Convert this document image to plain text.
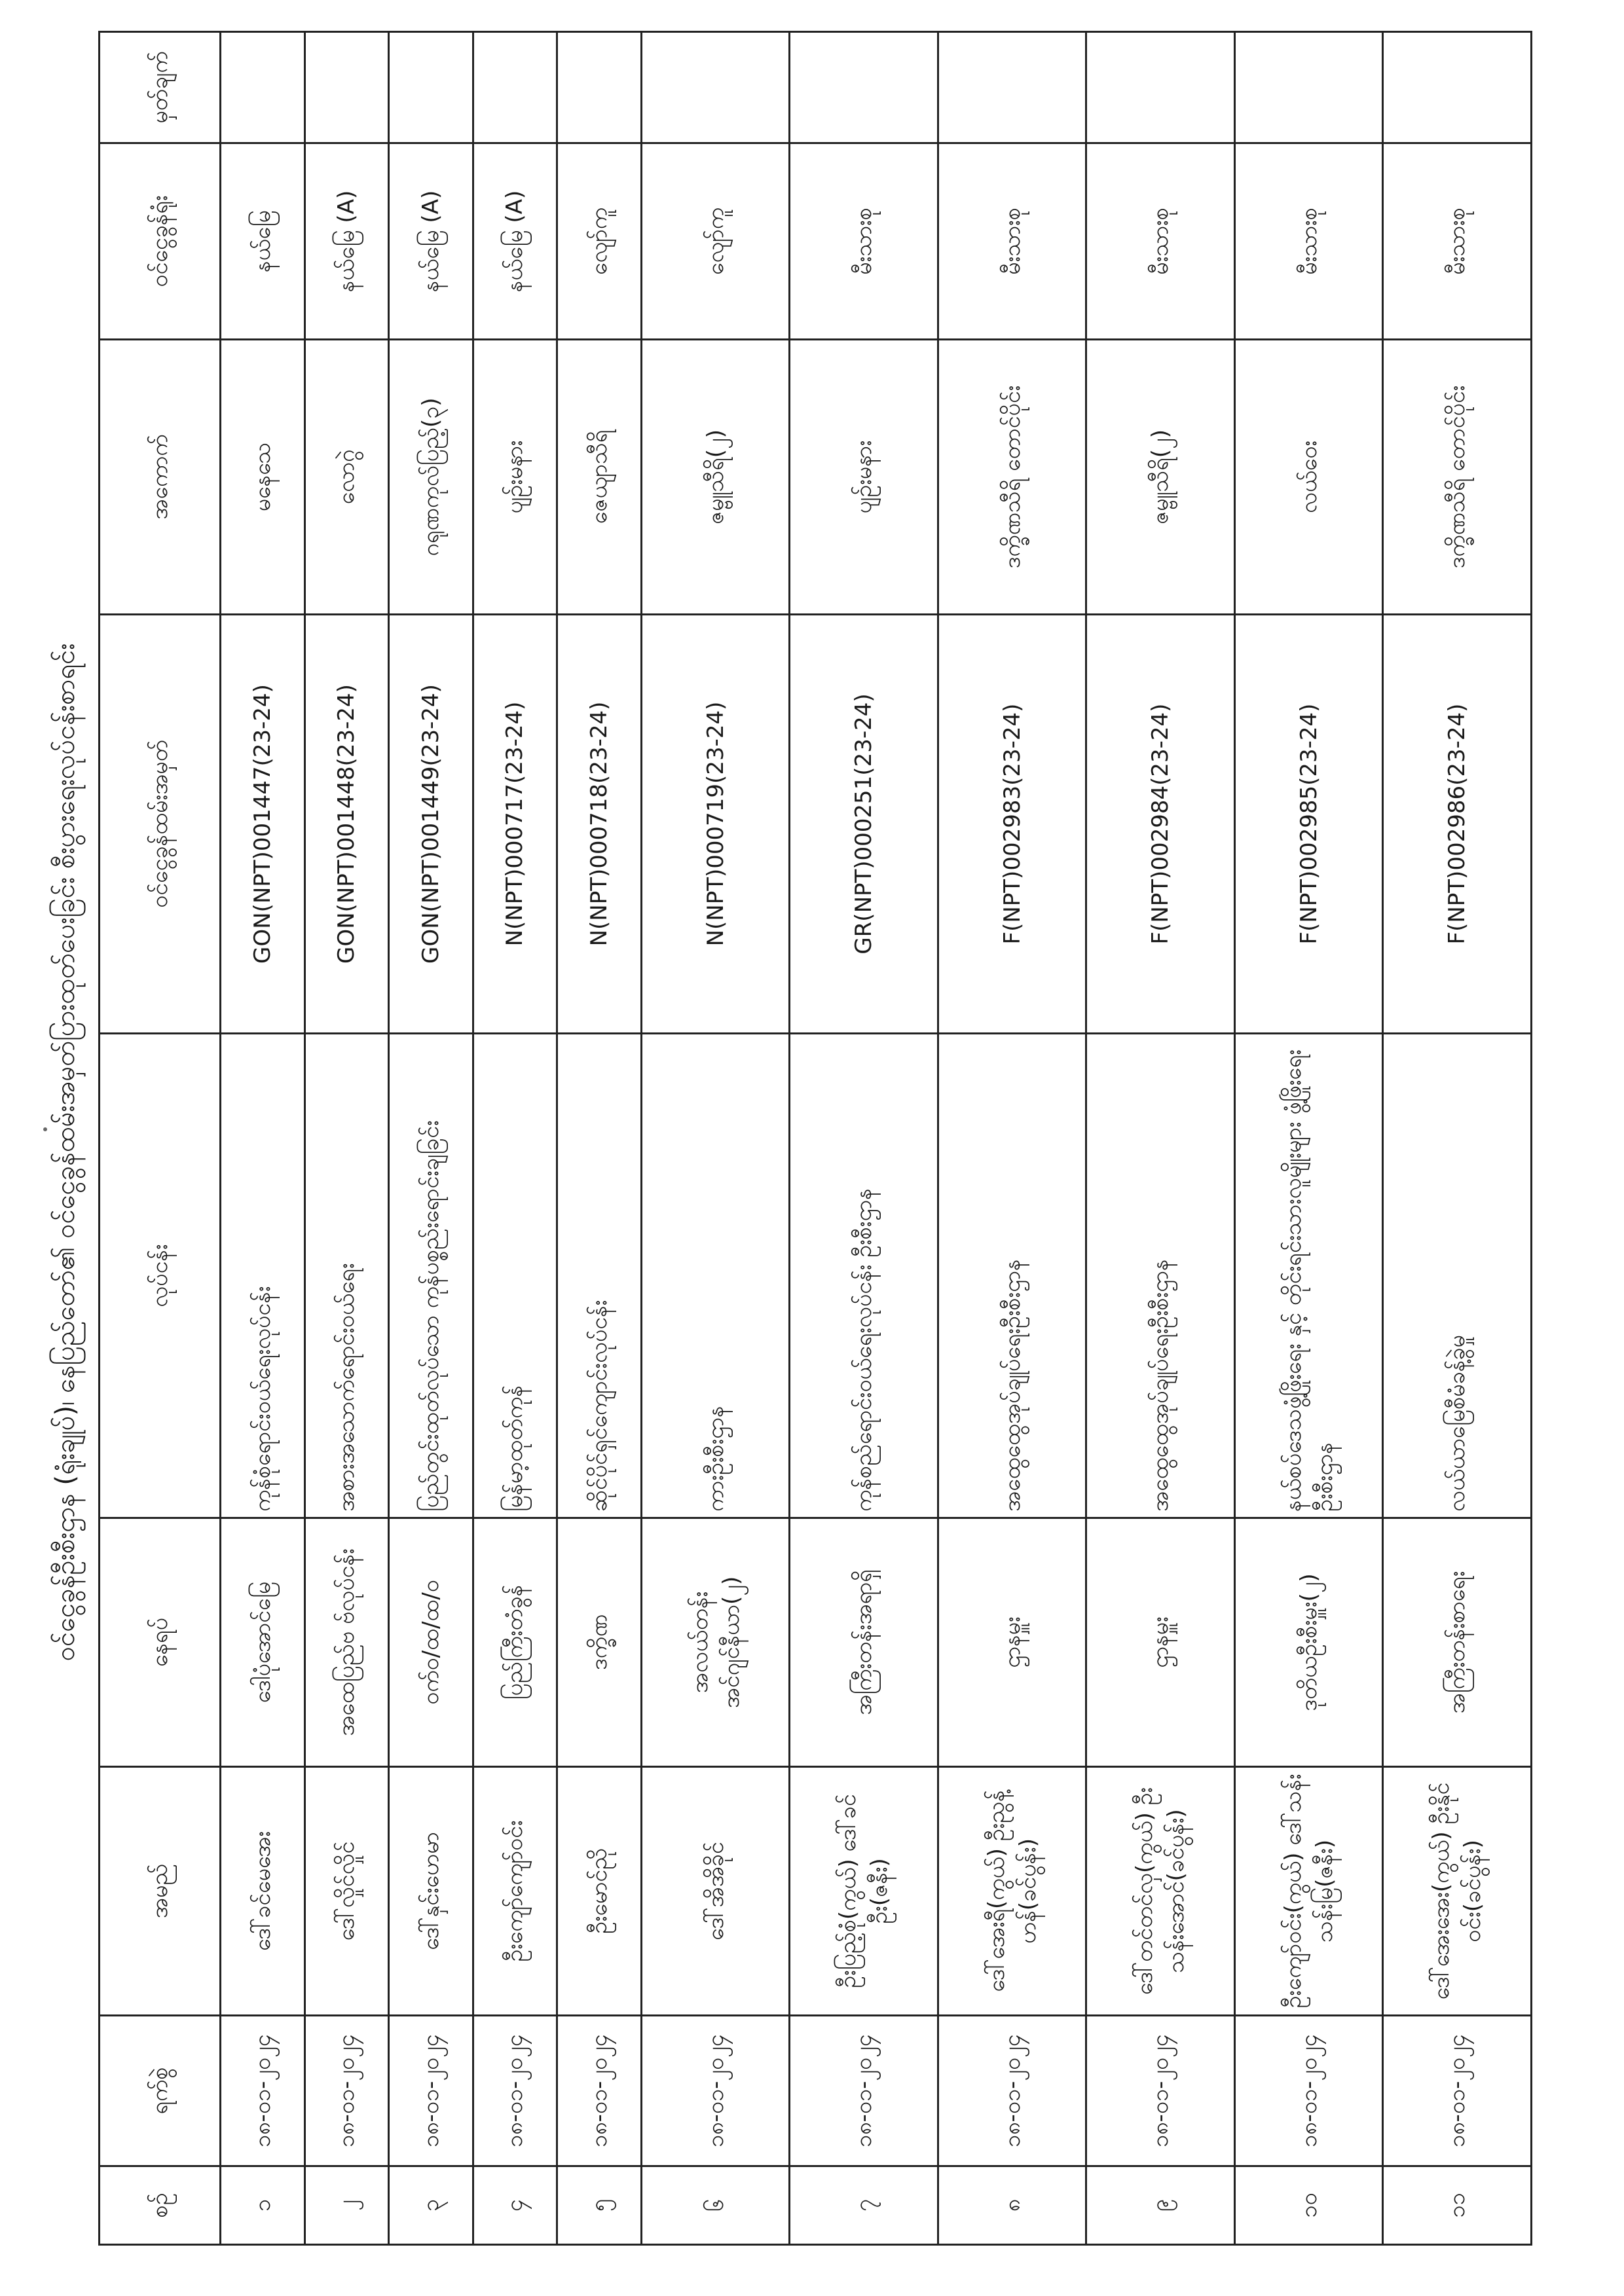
ဝင်ငွေခွန်ဦးစီးဌာန (ရုံးချုပ်)၊ နေပြည်တော်၏ ဝင်ငွေခွန်ထမ်းအမှတ်ပြားထုတ်ပေးခြင်း စီးပွားရေးလုပ်ငန်းစာရင်း
စဉ်	ရက်စွဲ	အမည်	နေရပ်	လုပ်ငန်း	ဝင်ငွေခွန်ထမ်းအမှတ်	အကောက်	ဝင်ငွေခွန်ရုံး	မှတ်ချက်
၁	၁၈-၀၁-၂၀၂၄	ဒေါ်ခင်မေအေး	ဒေါပုံအောင်မြေ	ကုန်စုံရောင်းဝယ်ရေးလုပ်ငန်း	GON(NPT)001447(23-24)	မနေသေ	နယ်မြေ	
၂	၁၈-၀၁-၂၀၂၄	ဒေါ်လှိုင်လှိုင်	အထေပြည်ဗ ဗ်လုပ်ငန်း	အစားအသောက်ရောင်းဝယ်ရေး	GON(NPT)001448(23-24)	လောဂွဲ	နယ်မြေ (A)	
၃	၁၈-၀၁-၂၀၂၄	ဒေါ်နှင်းဟေမာ	ဝက်ဝ/ထ/ထ/ဝ	ပြည်တွင်းထုတ်လုပ်သော ကုန်ပစ္စည်းရောင်းချခြင်း	GON(NPT)001449(23-24)	ဂရုဏကုလ်ပြည့်(၃)	နယ်မြေ (A)	
၄	၁၈-၀၁-၂၀၂၄	ဦးကျော်ကျော်ဝင်း	ပြည်ကြီးတံခွန်	မြန်မာ့ထုတ်ကုန်	N(NPT)000717(23-24)	ပျဉ်းမနား	နယ်မြေ (A)	
၅	၁၈-၀၁-၂၀၂၄	ဦးမောင်ညို	ဒက္ခိဏ	ဆိုင်ပိုင်ရှင်ကျောင်းလုပ်ငန်း	N(NPT)000718(23-24)	ဇေယျာသီရိ	လျော်ကူ	
၆	၁၈-၀၁-၂၀၂၄	ဒေါ်အိအိခိုင်	အလယ်တန်း အင်ဂျင်နီယာ(၂)	ကားဦးစီးဌာန	N(NPT)000719(23-24)	ဇမ္ဗူသီရိ(၂)	လျော်ကူ	
၇	၁၈-၀၁-၂၀၂၄	ဦးပြည့်စုံ(ကွယ်) ဒေါ်ခင်ဦး(ဇနီး)	အကြီးတန်းအရာရှိ	ကုန်စည်ရောင်းဝယ်ရေးလုပ်ငန်း ဦးစီးဌာန	GR(NPT)000251(23-24)	ပျဉ်းမနား	မီးသားစု	
၈	၁၈-၀၁-၂၀၂၄	ဒေါ်အေးရီ(ကွယ်) ဦးညွန့်ဟန်(ခင်ပွန်း)	ဌာနမှူး	အထွေထွေအုပ်ချုပ်ရေးဦးစီးဌာန	F(NPT)002983(23-24)	ဒက္ခိဏသီရိ တောင်ပိုင်း	မီးသားစု	
၉	၁၈-၀၁-၂၀၂၄	ဒေါ်တင်တင်လှ(ကွယ်) ဦးသန်းအောင်(ခင်ပွန်း)	ဌာနမှူး	အထွေထွေအုပ်ချုပ်ရေးဦးစီးဌာန	F(NPT)002984(23-24)	ဇမ္ဗူသီရိ(၂)	မီးသားစု	
၁၀	၁၈-၀၁-၂၀၂၄	ဦးကျော်ဝင်း(ကွယ်) ဒေါ်သန်းသန်းမြ(ဇနီး)	ဒုတိယဦးစီးမှူး(၂)	နယ်စပ်ဒေသဖွံ့ဖြိုးရေး နှင့် တိုင်းရင်းသားလူမျိုးများ ဖွံ့ဖြိုးရေးဦးစီးဌာန	F(NPT)002985(23-24)	လယ်ဝေး	မီးသားစု	
၁၁	၁၈-၀၁-၂၀၂၄	ဒေါ်အေးအေး(ကွယ်) ဦးနိုင်ဝင်း(ခင်ပွန်း)	အကြီးတန်းစာရေး	လယ်ယာမြေစီမံခန့်ခွဲမှု	F(NPT)002986(23-24)	ဒက္ခိဏသီရိ တောင်ပိုင်း	မီးသားစု	
